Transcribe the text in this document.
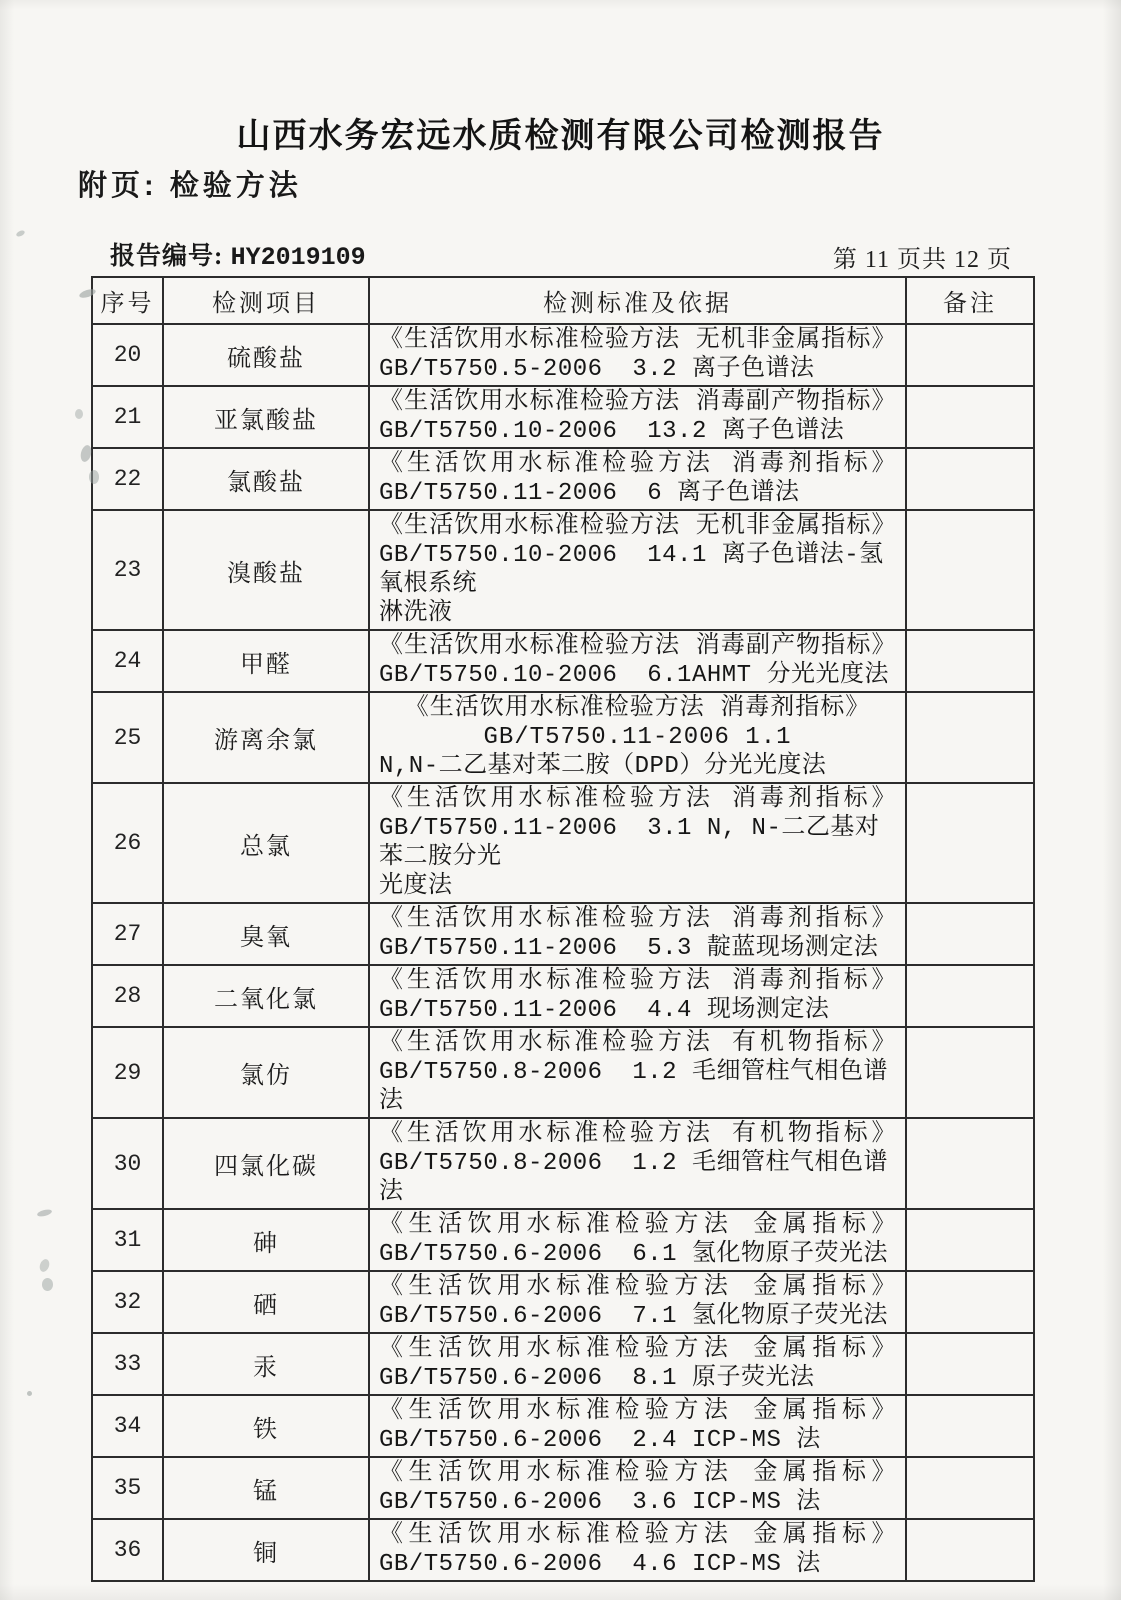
山西水务宏远水质检测有限公司检测报告
附页: 检验方法
报告编号: HY2019109	第 11 页共 12 页
序号	检测项目	检测标准及依据	备注
20	硫酸盐	《生活饮用水标准检验方法 无机非金属指标》
GB/T5750.5-2006  3.2 离子色谱法	

21	亚氯酸盐	《生活饮用水标准检验方法 消毒副产物指标》
GB/T5750.10-2006  13.2 离子色谱法	

22	氯酸盐	《生活饮用水标准检验方法 消毒剂指标》
GB/T5750.11-2006  6 离子色谱法	

23	溴酸盐	《生活饮用水标准检验方法 无机非金属指标》
GB/T5750.10-2006  14.1 离子色谱法-氢氧根系统
淋洗液	

24	甲醛	《生活饮用水标准检验方法 消毒副产物指标》
GB/T5750.10-2006  6.1AHMT 分光光度法	

25	游离余氯	《生活饮用水标准检验方法 消毒剂指标》
GB/T5750.11-2006 1.1
N,N-二乙基对苯二胺（DPD）分光光度法	

26	总氯	《生活饮用水标准检验方法 消毒剂指标》
GB/T5750.11-2006  3.1 N, N-二乙基对苯二胺分光
光度法	

27	臭氧	《生活饮用水标准检验方法 消毒剂指标》
GB/T5750.11-2006  5.3 靛蓝现场测定法	

28	二氧化氯	《生活饮用水标准检验方法 消毒剂指标》
GB/T5750.11-2006  4.4 现场测定法	

29	氯仿	《生活饮用水标准检验方法 有机物指标》
GB/T5750.8-2006  1.2 毛细管柱气相色谱法	

30	四氯化碳	《生活饮用水标准检验方法 有机物指标》
GB/T5750.8-2006  1.2 毛细管柱气相色谱法	

31	砷	《生活饮用水标准检验方法 金属指标》
GB/T5750.6-2006  6.1 氢化物原子荧光法	

32	硒	《生活饮用水标准检验方法 金属指标》
GB/T5750.6-2006  7.1 氢化物原子荧光法	

33	汞	《生活饮用水标准检验方法 金属指标》
GB/T5750.6-2006  8.1 原子荧光法	

34	铁	《生活饮用水标准检验方法 金属指标》
GB/T5750.6-2006  2.4 ICP-MS 法	

35	锰	《生活饮用水标准检验方法 金属指标》
GB/T5750.6-2006  3.6 ICP-MS 法	

36	铜	《生活饮用水标准检验方法 金属指标》
GB/T5750.6-2006  4.6 ICP-MS 法	
